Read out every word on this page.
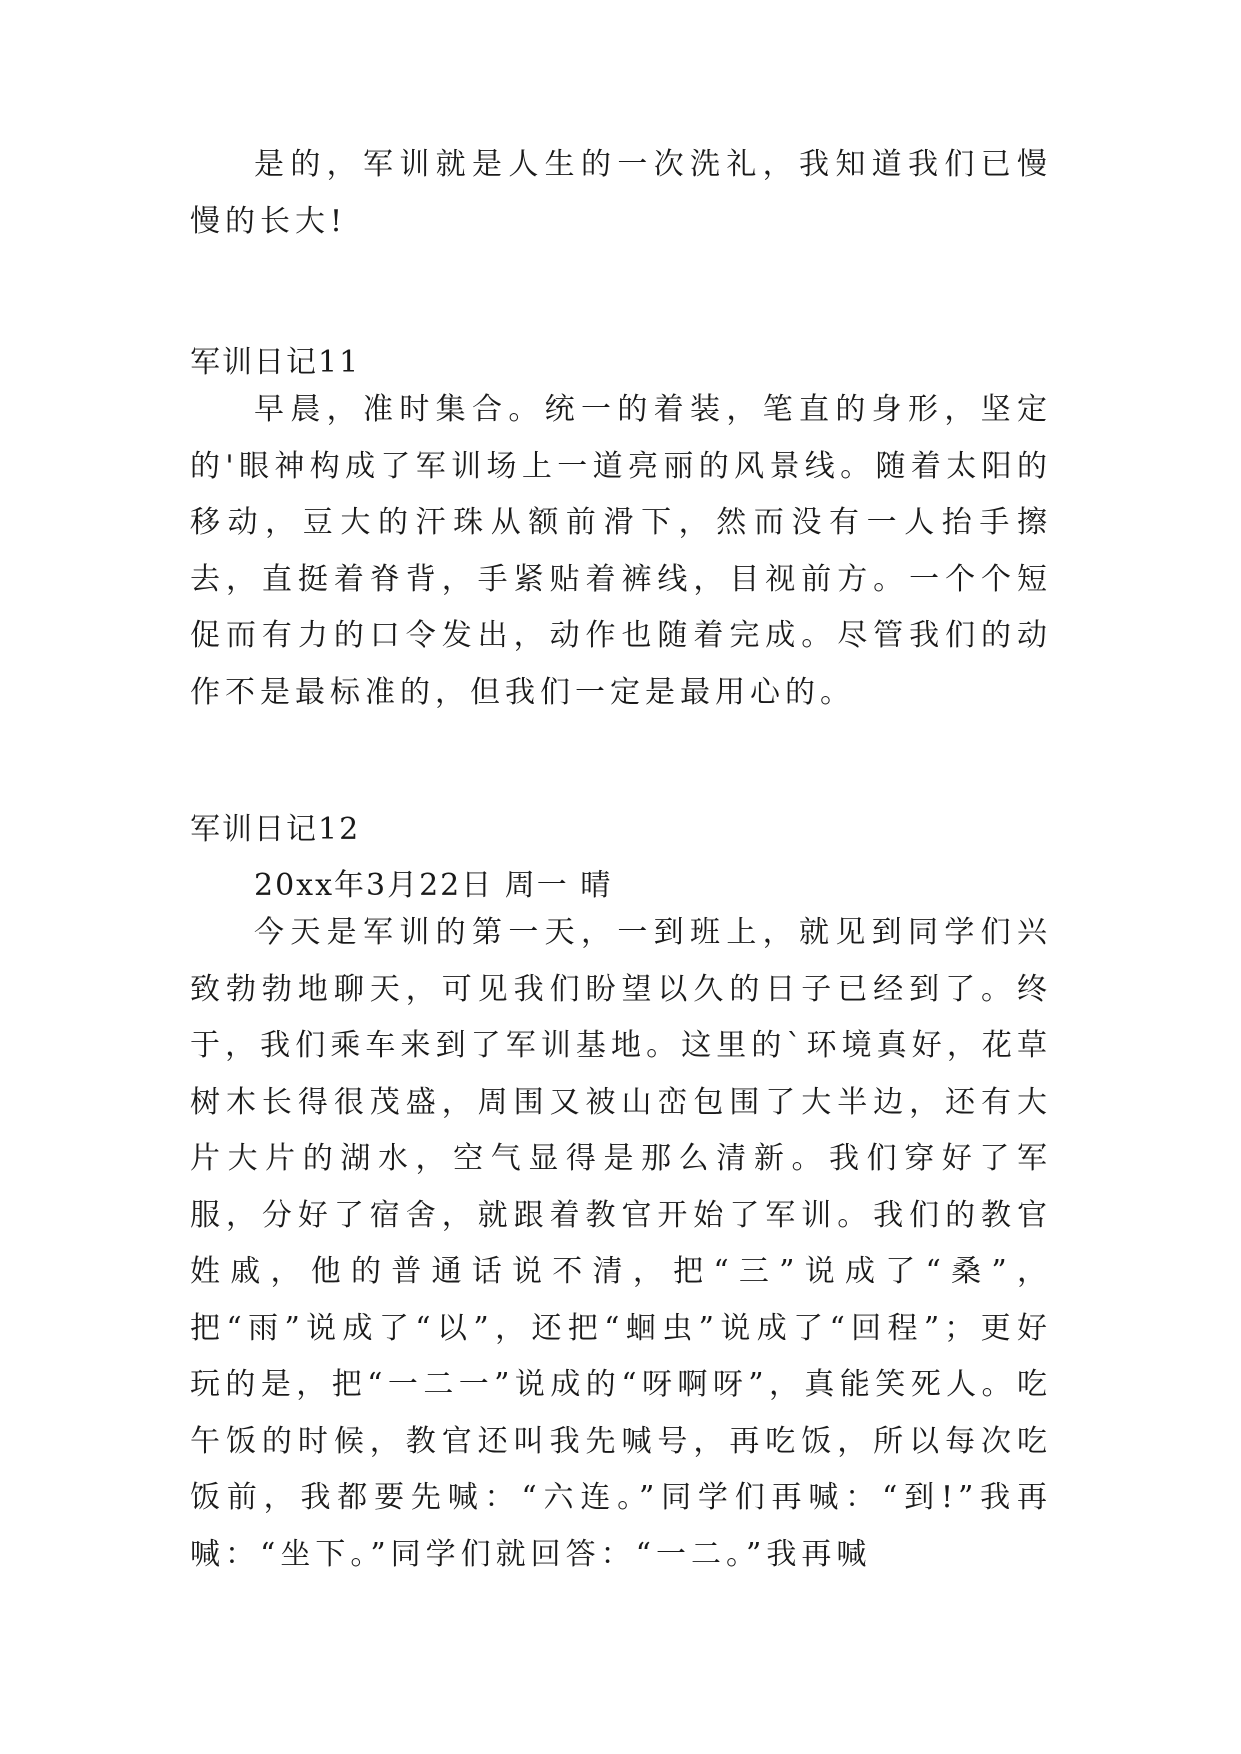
是的，军训就是人生的一次洗礼，我知道我们已慢慢的长大!

军训日记11

早晨，准时集合。统一的着装，笔直的身形，坚定的'眼神构成了军训场上一道亮丽的风景线。随着太阳的移动，豆大的汗珠从额前滑下，然而没有一人抬手擦去，直挺着脊背，手紧贴着裤线，目视前方。一个个短促而有力的口令发出，动作也随着完成。尽管我们的动作不是最标准的，但我们一定是最用心的。

军训日记12

20xx年3月22日 周一 晴

今天是军训的第一天，一到班上，就见到同学们兴致勃勃地聊天，可见我们盼望以久的日子已经到了。终于，我们乘车来到了军训基地。这里的`环境真好，花草树木长得很茂盛，周围又被山峦包围了大半边，还有大片大片的湖水，空气显得是那么清新。我们穿好了军服，分好了宿舍，就跟着教官开始了军训。我们的教官姓戚，他的普通话说不清，把“三”说成了“桑”，把“雨”说成了“以”，还把“蛔虫”说成了“回程”；更好玩的是，把“一二一”说成的“呀啊呀”，真能笑死人。吃午饭的时候，教官还叫我先喊号，再吃饭，所以每次吃饭前，我都要先喊：“六连。”同学们再喊：“到!”我再喊：“坐下。”同学们就回答：“一二。”我再喊
